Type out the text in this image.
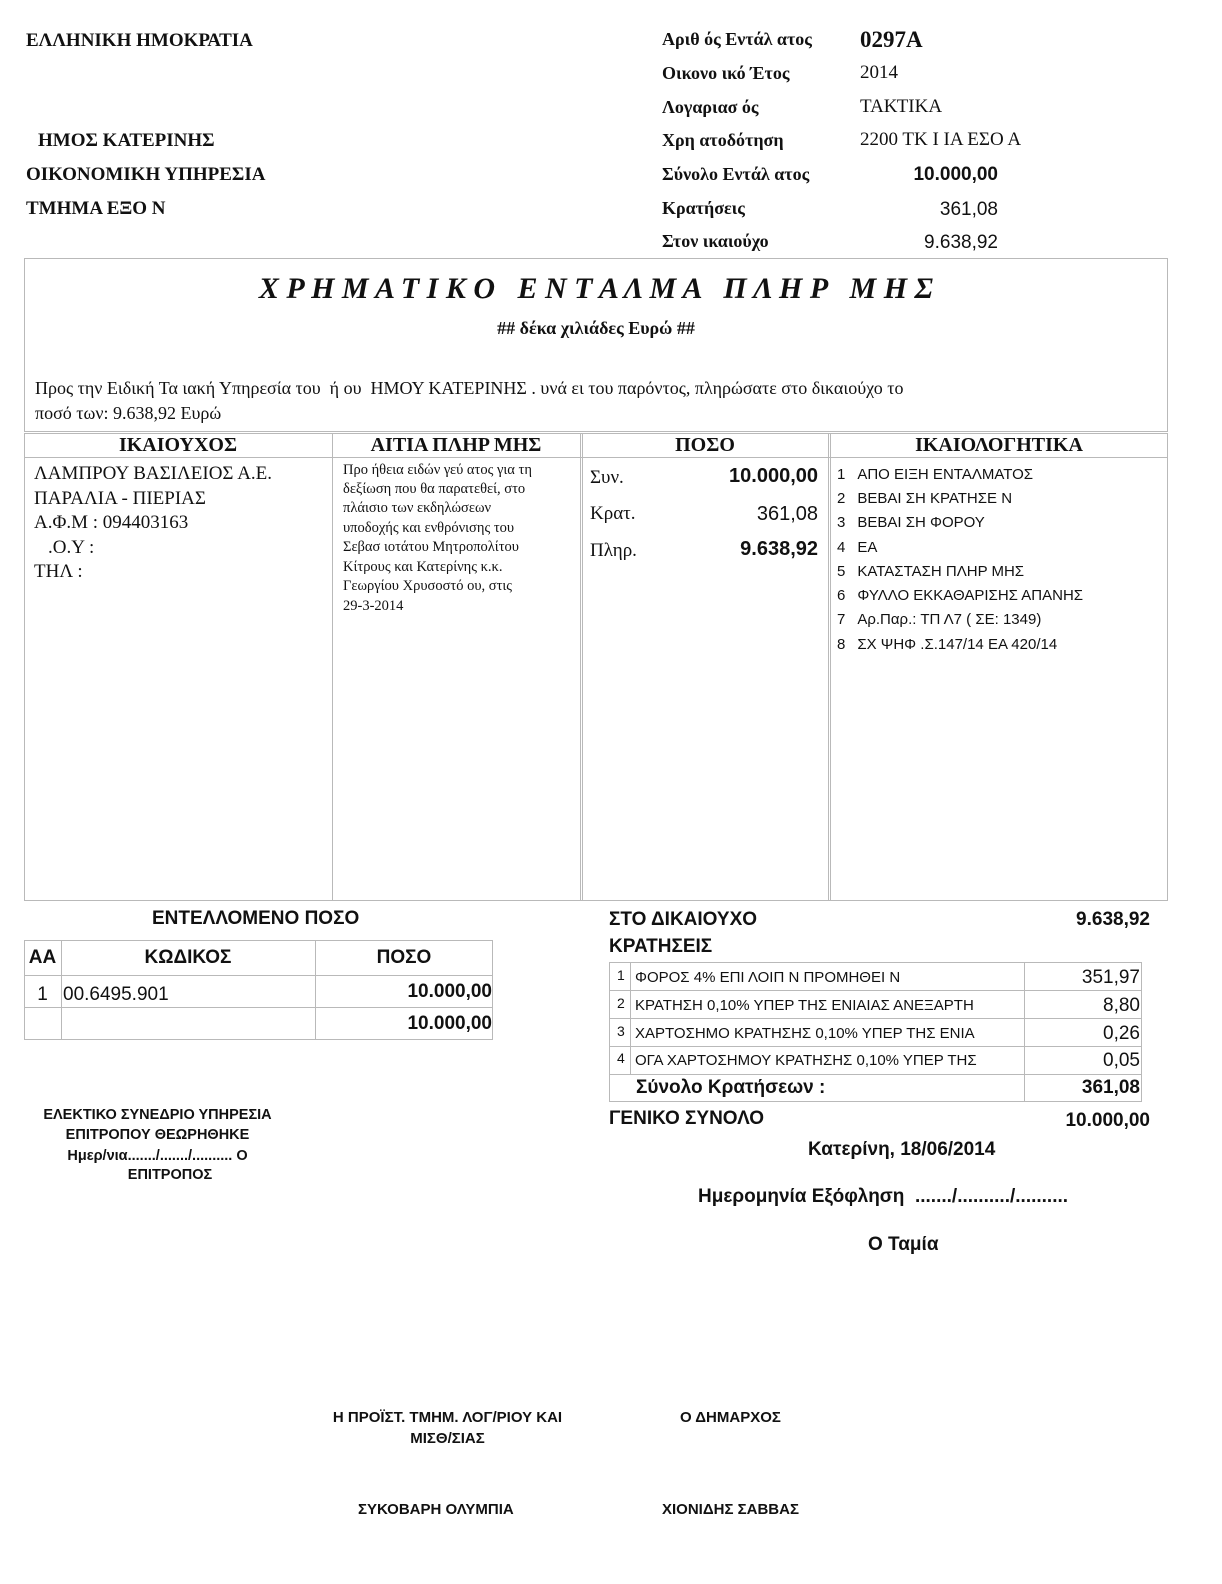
ΕΛΛΗΝΙΚΗ ΗΜΟΚΡΑΤΙΑ
ΗΜΟΣ ΚΑΤΕΡΙΝΗΣ
ΟΙΚΟΝΟΜΙΚΗ ΥΠΗΡΕΣΙΑ
ΤΜΗΜΑ ΕΞΟ Ν
Αριθ ός Εντάλ ατος 0297Α
Οικονο ικό Έτος	2014
Λογαριασ ός	ΤΑΚΤΙΚΑ
Χρη ατοδότηση	2200 ΤΚ Ι ΙΑ ΕΣΟ Α
Σύνολο Εντάλ ατος	10.000,00
Κρατήσεις	361,08
Στον ικαιούχο	9.638,92
Χ Ρ Η Μ Α Τ Ι Κ Ο   Ε Ν Τ Α Λ Μ Α   Π Λ Η Ρ   Μ Η Σ
## δέκα χιλιάδες Ευρώ ##
Προς την Ειδική Τα ιακή Υπηρεσία του  ή ου  ΗΜΟΥ ΚΑΤΕΡΙΝΗΣ . υνά ει του παρόντος, πληρώσατε στο δικαιούχο το
ποσό των: 9.638,92 Ευρώ
ΙΚΑΙΟΥΧΟΣ	ΑΙΤΙΑ ΠΛΗΡ ΜΗΣ	ΠΟΣΟ	ΙΚΑΙΟΛΟΓΗΤΙΚΑ
ΛΑΜΠΡΟΥ ΒΑΣΙΛΕΙΟΣ Α.Ε.
ΠΑΡΑΛΙΑ - ΠΙΕΡΙΑΣ
Α.Φ.Μ : 094403163
.Ο.Υ :
ΤΗΛ :
Προ ήθεια ειδών γεύ ατος για τη
δεξίωση που θα παρατεθεί, στο
πλάισιο των εκδηλώσεων
υποδοχής και ενθρόνισης του
Σεβασ ιοτάτου Μητροπολίτου
Κίτρους και Κατερίνης κ.κ.
Γεωργίου Χρυσοστό ου, στις
29-3-2014
Συν.	10.000,00
Κρατ.	361,08
Πληρ.	9.638,92
1 ΑΠΟ ΕΙΞΗ ΕΝΤΑΛΜΑΤΟΣ
2 ΒΕΒΑΙ ΣΗ ΚΡΑΤΗΣΕ Ν
3 ΒΕΒΑΙ ΣΗ ΦΟΡΟΥ
4 ΕΑ
5 ΚΑΤΑΣΤΑΣΗ ΠΛΗΡ ΜΗΣ
6 ΦΥΛΛΟ ΕΚΚΑΘΑΡΙΣΗΣ ΑΠΑΝΗΣ
7 Αρ.Παρ.: ΤΠ Λ7 ( ΣΕ: 1349)
8 ΣΧ ΨΗΦ .Σ.147/14 ΕΑ 420/14
ΕΝΤΕΛΛΟΜΕΝΟ ΠΟΣΟ
ΑΑ	ΚΩΔΙΚΟΣ	ΠΟΣΟ
1 00.6495.901	10.000,00
10.000,00
ΣΤΟ ΔΙΚΑΙΟΥΧΟ	9.638,92
ΚΡΑΤΗΣΕΙΣ
1 ΦΟΡΟΣ 4% ΕΠΙ ΛΟΙΠ Ν ΠΡΟΜΗΘΕΙ Ν	351,97
2 ΚΡΑΤΗΣΗ 0,10% ΥΠΕΡ ΤΗΣ ΕΝΙΑΙΑΣ ΑΝΕΞΑΡΤΗ	8,80
3 ΧΑΡΤΟΣΗΜΟ ΚΡΑΤΗΣΗΣ 0,10% ΥΠΕΡ ΤΗΣ ΕΝΙΑ	0,26
4 ΟΓΑ ΧΑΡΤΟΣΗΜΟΥ ΚΡΑΤΗΣΗΣ 0,10% ΥΠΕΡ ΤΗΣ	0,05
Σύνολο Κρατήσεων :	361,08
ΓΕΝΙΚΟ ΣΥΝΟΛΟ	10.000,00
ΕΛΕΚΤΙΚΟ ΣΥΝΕΔΡΙΟ ΥΠΗΡΕΣΙΑ
ΕΠΙΤΡΟΠΟΥ ΘΕΩΡΗΘΗΚΕ
Ημερ/νια......./......./.......... Ο
ΕΠΙΤΡΟΠΟΣ
Κατερίνη, 18/06/2014
Ημερομηνία Εξόφληση  ......./........../..........
Ο Ταμία
Η ΠΡΟΪΣΤ. ΤΜΗΜ. ΛΟΓ/ΡΙΟΥ ΚΑΙ
ΜΙΣΘ/ΣΙΑΣ
Ο ΔΗΜΑΡΧΟΣ
ΣΥΚΟΒΑΡΗ ΟΛΥΜΠΙΑ	ΧΙΟΝΙΔΗΣ ΣΑΒΒΑΣ
